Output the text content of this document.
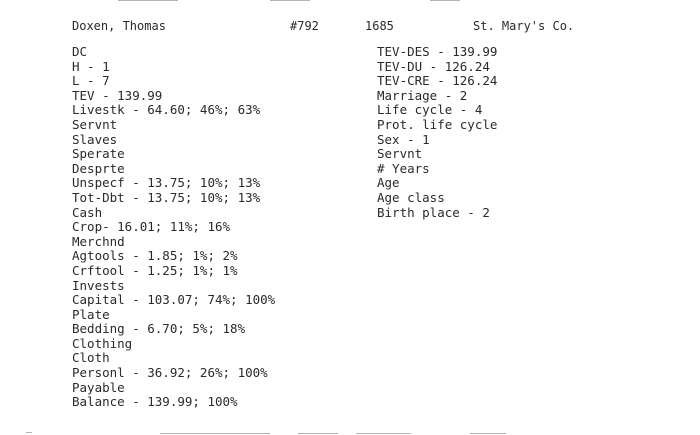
Doxen, Thomas	#792	1685	St. Mary's Co.
DC
H - 1
L - 7
TEV - 139.99
Livestk - 64.60; 46%; 63%
Servnt
Slaves
Sperate
Desprte
Unspecf - 13.75; 10%; 13%
Tot-Dbt - 13.75; 10%; 13%
Cash
Crop- 16.01; 11%; 16%
Merchnd
Agtools - 1.85; 1%; 2%
Crftool - 1.25; 1%; 1%
Invests
Capital - 103.07; 74%; 100%
Plate
Bedding - 6.70; 5%; 18%
Clothing
Cloth
Personl - 36.92; 26%; 100%
Payable
Balance - 139.99; 100%
TEV-DES - 139.99
TEV-DU - 126.24
TEV-CRE - 126.24
Marriage - 2
Life cycle - 4
Prot. life cycle
Sex - 1
Servnt
# Years
Age
Age class
Birth place - 2
